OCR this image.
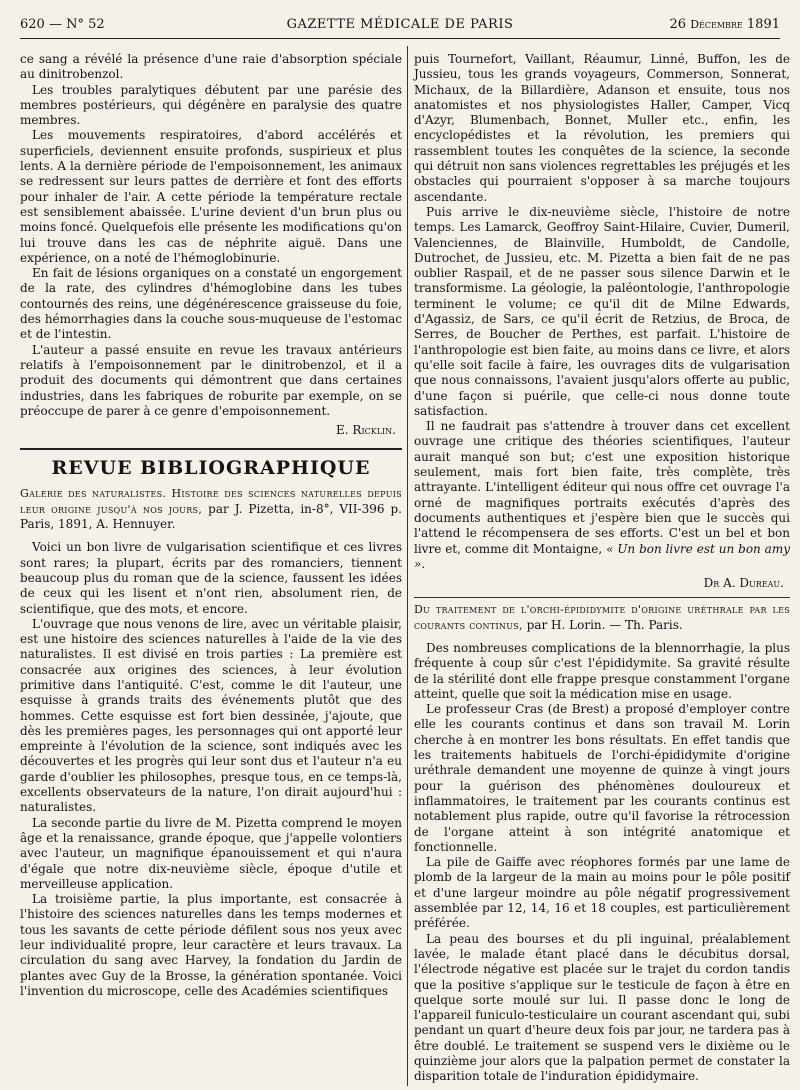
620 — N° 52	GAZETTE MÉDICALE DE PARIS	26 Décembre 1891

ce sang a révélé la présence d'une raie d'absorption spéciale au dinitrobenzol.

Les troubles paralytiques débutent par une parésie des membres postérieurs, qui dégénère en paralysie des quatre membres.

Les mouvements respiratoires, d'abord accélérés et superficiels, deviennent ensuite profonds, suspirieux et plus lents. A la dernière période de l'empoisonnement, les animaux se redressent sur leurs pattes de derrière et font des efforts pour inhaler de l'air. A cette période la température rectale est sensiblement abaissée. L'urine devient d'un brun plus ou moins foncé. Quelquefois elle présente les modifications qu'on lui trouve dans les cas de néphrite aiguë. Dans une expérience, on a noté de l'hémoglobinurie.

En fait de lésions organiques on a constaté un engorgement de la rate, des cylindres d'hémoglobine dans les tubes contournés des reins, une dégénérescence graisseuse du foie, des hémorrhagies dans la couche sous-muqueuse de l'estomac et de l'intestin.

L'auteur a passé ensuite en revue les travaux antérieurs relatifs à l'empoisonnement par le dinitrobenzol, et il a produit des documents qui démontrent que dans certaines industries, dans les fabriques de roburite par exemple, on se préoccupe de parer à ce genre d'empoisonnement.

E. Ricklin.
REVUE BIBLIOGRAPHIQUE

Galerie des naturalistes. Histoire des sciences naturelles depuis leur origine jusqu'à nos jours, par J. Pizetta, in-8°, VII-396 p. Paris, 1891, A. Hennuyer.

Voici un bon livre de vulgarisation scientifique et ces livres sont rares; la plupart, écrits par des romanciers, tiennent beaucoup plus du roman que de la science, faussent les idées de ceux qui les lisent et n'ont rien, absolument rien, de scientifique, que des mots, et encore.

L'ouvrage que nous venons de lire, avec un véritable plaisir, est une histoire des sciences naturelles à l'aide de la vie des naturalistes. Il est divisé en trois parties : La première est consacrée aux origines des sciences, à leur évolution primitive dans l'antiquité. C'est, comme le dit l'auteur, une esquisse à grands traits des événements plutôt que des hommes. Cette esquisse est fort bien dessinée, j'ajoute, que dès les premières pages, les personnages qui ont apporté leur empreinte à l'évolution de la science, sont indiqués avec les découvertes et les progrès qui leur sont dus et l'auteur n'a eu garde d'oublier les philosophes, presque tous, en ce temps-là, excellents observateurs de la nature, l'on dirait aujourd'hui : naturalistes.

La seconde partie du livre de M. Pizetta comprend le moyen âge et la renaissance, grande époque, que j'appelle volontiers avec l'auteur, un magnifique épanouissement et qui n'aura d'égale que notre dix-neuvième siècle, époque d'utile et merveilleuse application.

La troisième partie, la plus importante, est consacrée à l'histoire des sciences naturelles dans les temps modernes et tous les savants de cette période défilent sous nos yeux avec leur individualité propre, leur caractère et leurs travaux. La circulation du sang avec Harvey, la fondation du Jardin de plantes avec Guy de la Brosse, la génération spontanée. Voici l'invention du microscope, celle des Académies scientifiques

puis Tournefort, Vaillant, Réaumur, Linné, Buffon, les de Jussieu, tous les grands voyageurs, Commerson, Sonnerat, Michaux, de la Billardière, Adanson et ensuite, tous nos anatomistes et nos physiologistes Haller, Camper, Vicq d'Azyr, Blumenbach, Bonnet, Muller etc., enfin, les encyclopédistes et la révolution, les premiers qui rassemblent toutes les conquêtes de la science, la seconde qui détruit non sans violences regrettables les préjugés et les obstacles qui pourraient s'opposer à sa marche toujours ascendante.

Puis arrive le dix-neuvième siècle, l'histoire de notre temps. Les Lamarck, Geoffroy Saint-Hilaire, Cuvier, Dumeril, Valenciennes, de Blainville, Humboldt, de Candolle, Dutrochet, de Jussieu, etc. M. Pizetta a bien fait de ne pas oublier Raspail, et de ne passer sous silence Darwin et le transformisme. La géologie, la paléontologie, l'anthropologie terminent le volume; ce qu'il dit de Milne Edwards, d'Agassiz, de Sars, ce qu'il écrit de Retzius, de Broca, de Serres, de Boucher de Perthes, est parfait. L'histoire de l'anthropologie est bien faite, au moins dans ce livre, et alors qu'elle soit facile à faire, les ouvrages dits de vulgarisation que nous connaissons, l'avaient jusqu'alors offerte au public, d'une façon si puérile, que celle-ci nous donne toute satisfaction.

Il ne faudrait pas s'attendre à trouver dans cet excellent ouvrage une critique des théories scientifiques, l'auteur aurait manqué son but; c'est une exposition historique seulement, mais fort bien faite, très complète, très attrayante. L'intelligent éditeur qui nous offre cet ouvrage l'a orné de magnifiques portraits exécutés d'après des documents authentiques et j'espère bien que le succès qui l'attend le récompensera de ses efforts. C'est un bel et bon livre et, comme dit Montaigne, « Un bon livre est un bon amy ».

Dr A. Dureau.

Du traitement de l'orchi-épididymite d'origine uréthrale par les courants continus, par H. Lorin. — Th. Paris.

Des nombreuses complications de la blennorrhagie, la plus fréquente à coup sûr c'est l'épididymite. Sa gravité résulte de la stérilité dont elle frappe presque constamment l'organe atteint, quelle que soit la médication mise en usage.

Le professeur Cras (de Brest) a proposé d'employer contre elle les courants continus et dans son travail M. Lorin cherche à en montrer les bons résultats. En effet tandis que les traitements habituels de l'orchi-épididymite d'origine uréthrale demandent une moyenne de quinze à vingt jours pour la guérison des phénomènes douloureux et inflammatoires, le traitement par les courants continus est notablement plus rapide, outre qu'il favorise la rétrocession de l'organe atteint à son intégrité anatomique et fonctionnelle.

La pile de Gaiffe avec réophores formés par une lame de plomb de la largeur de la main au moins pour le pôle positif et d'une largeur moindre au pôle négatif progressivement assemblée par 12, 14, 16 et 18 couples, est particulièrement préférée.

La peau des bourses et du pli inguinal, préalablement lavée, le malade étant placé dans le décubitus dorsal, l'électrode négative est placée sur le trajet du cordon tandis que la positive s'applique sur le testicule de façon à être en quelque sorte moulé sur lui. Il passe donc le long de l'appareil funiculo-testiculaire un courant ascendant qui, subi pendant un quart d'heure deux fois par jour, ne tardera pas à être doublé. Le traitement se suspend vers le dixième ou le quinzième jour alors que la palpation permet de constater la disparition totale de l'induration épididymaire.
